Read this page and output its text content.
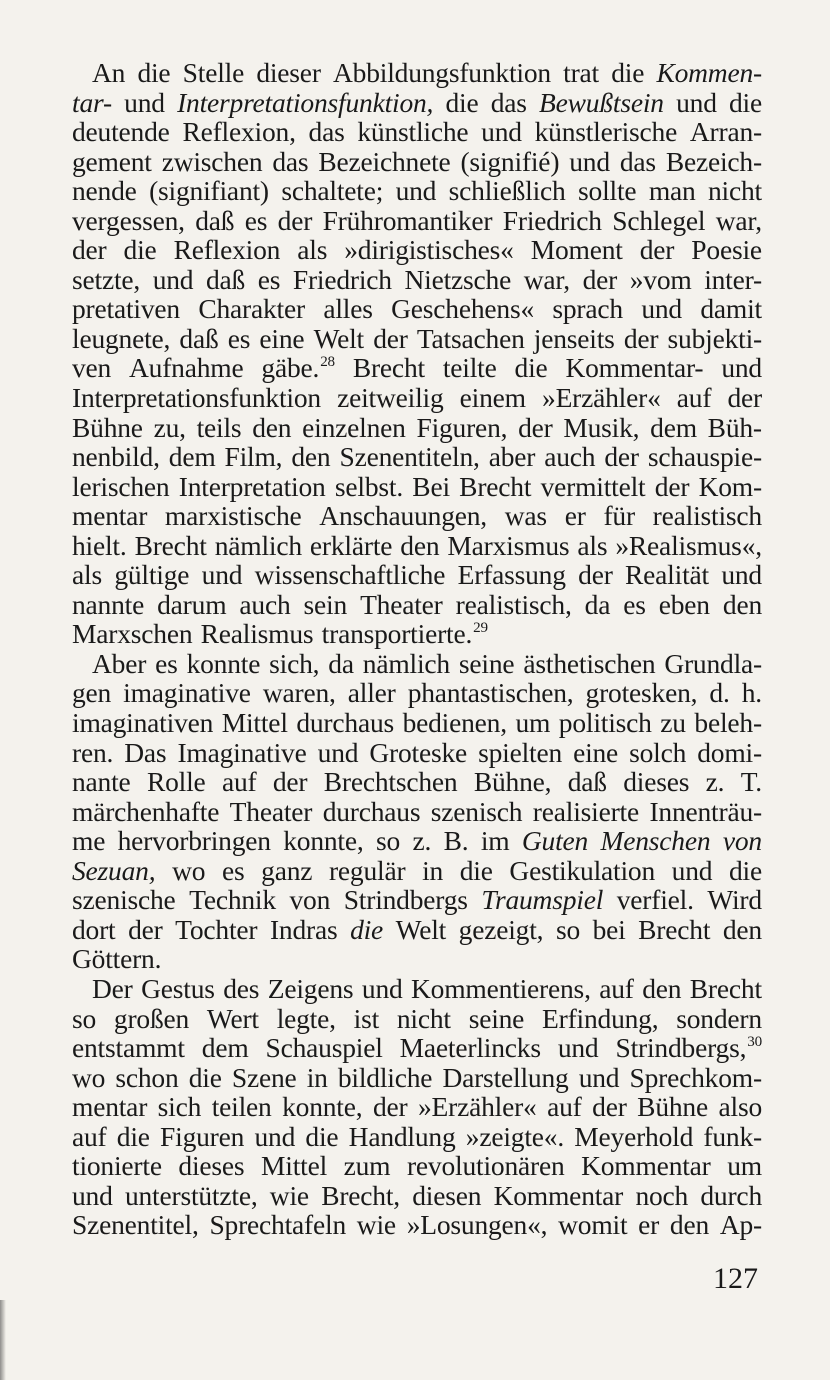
An die Stelle dieser Abbildungsfunktion trat die Kommen-
tar- und Interpretationsfunktion, die das Bewußtsein und die
deutende Reflexion, das künstliche und künstlerische Arran-
gement zwischen das Bezeichnete (signifié) und das Bezeich-
nende (signifiant) schaltete; und schließlich sollte man nicht
vergessen, daß es der Frühromantiker Friedrich Schlegel war,
der die Reflexion als »dirigistisches« Moment der Poesie
setzte, und daß es Friedrich Nietzsche war, der »vom inter-
pretativen Charakter alles Geschehens« sprach und damit
leugnete, daß es eine Welt der Tatsachen jenseits der subjekti-
ven Aufnahme gäbe.$^{28}$ Brecht teilte die Kommentar- und
Interpretationsfunktion zeitweilig einem »Erzähler« auf der
Bühne zu, teils den einzelnen Figuren, der Musik, dem Büh-
nenbild, dem Film, den Szenentiteln, aber auch der schauspie-
lerischen Interpretation selbst. Bei Brecht vermittelt der Kom-
mentar marxistische Anschauungen, was er für realistisch
hielt. Brecht nämlich erklärte den Marxismus als »Realismus«,
als gültige und wissenschaftliche Erfassung der Realität und
nannte darum auch sein Theater realistisch, da es eben den
Marxschen Realismus transportierte.$^{29}$
Aber es konnte sich, da nämlich seine ästhetischen Grundla-
gen imaginative waren, aller phantastischen, grotesken, d. h.
imaginativen Mittel durchaus bedienen, um politisch zu beleh-
ren. Das Imaginative und Groteske spielten eine solch domi-
nante Rolle auf der Brechtschen Bühne, daß dieses z. T.
märchenhafte Theater durchaus szenisch realisierte Innenträu-
me hervorbringen konnte, so z. B. im Guten Menschen von
Sezuan, wo es ganz regulär in die Gestikulation und die
szenische Technik von Strindbergs Traumspiel verfiel. Wird
dort der Tochter Indras die Welt gezeigt, so bei Brecht den
Göttern.
Der Gestus des Zeigens und Kommentierens, auf den Brecht
so großen Wert legte, ist nicht seine Erfindung, sondern
entstammt dem Schauspiel Maeterlincks und Strindbergs,$^{30}$
wo schon die Szene in bildliche Darstellung und Sprechkom-
mentar sich teilen konnte, der »Erzähler« auf der Bühne also
auf die Figuren und die Handlung »zeigte«. Meyerhold funk-
tionierte dieses Mittel zum revolutionären Kommentar um
und unterstützte, wie Brecht, diesen Kommentar noch durch
Szenentitel, Sprechtafeln wie »Losungen«, womit er den Ap-
127
